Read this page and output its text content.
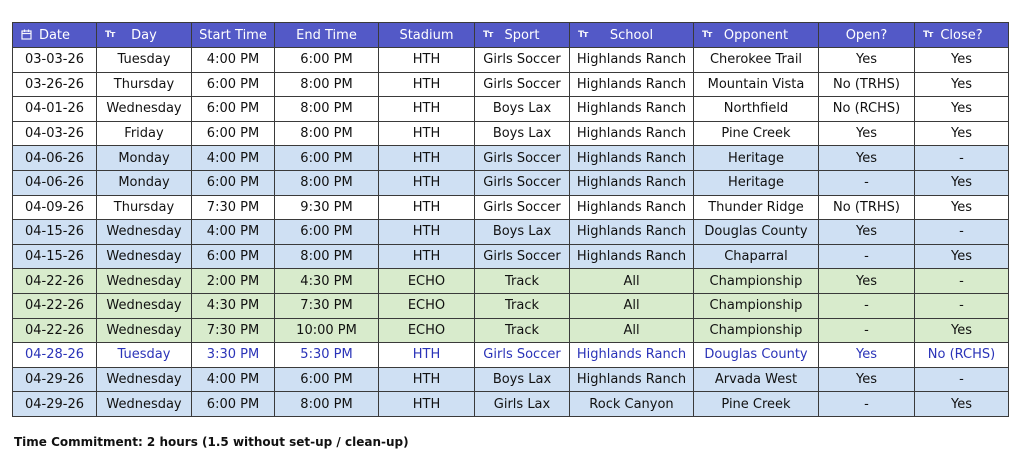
Date	Tт Day	Start Time	End Time	Stadium	Tт Sport	Tт School	Tт Opponent	Open?	Tт Close?
03-03-26	Tuesday	4:00 PM	6:00 PM	HTH	Girls Soccer	Highlands Ranch	Cherokee Trail	Yes	Yes
03-26-26	Thursday	6:00 PM	8:00 PM	HTH	Girls Soccer	Highlands Ranch	Mountain Vista	No (TRHS)	Yes
04-01-26	Wednesday	6:00 PM	8:00 PM	HTH	Boys Lax	Highlands Ranch	Northfield	No (RCHS)	Yes
04-03-26	Friday	6:00 PM	8:00 PM	HTH	Boys Lax	Highlands Ranch	Pine Creek	Yes	Yes
04-06-26	Monday	4:00 PM	6:00 PM	HTH	Girls Soccer	Highlands Ranch	Heritage	Yes	-
04-06-26	Monday	6:00 PM	8:00 PM	HTH	Girls Soccer	Highlands Ranch	Heritage	-	Yes
04-09-26	Thursday	7:30 PM	9:30 PM	HTH	Girls Soccer	Highlands Ranch	Thunder Ridge	No (TRHS)	Yes
04-15-26	Wednesday	4:00 PM	6:00 PM	HTH	Boys Lax	Highlands Ranch	Douglas County	Yes	-
04-15-26	Wednesday	6:00 PM	8:00 PM	HTH	Girls Soccer	Highlands Ranch	Chaparral	-	Yes
04-22-26	Wednesday	2:00 PM	4:30 PM	ECHO	Track	All	Championship	Yes	-
04-22-26	Wednesday	4:30 PM	7:30 PM	ECHO	Track	All	Championship	-	-
04-22-26	Wednesday	7:30 PM	10:00 PM	ECHO	Track	All	Championship	-	Yes
04-28-26	Tuesday	3:30 PM	5:30 PM	HTH	Girls Soccer	Highlands Ranch	Douglas County	Yes	No (RCHS)
04-29-26	Wednesday	4:00 PM	6:00 PM	HTH	Boys Lax	Highlands Ranch	Arvada West	Yes	-
04-29-26	Wednesday	6:00 PM	8:00 PM	HTH	Girls Lax	Rock Canyon	Pine Creek	-	Yes
Time Commitment: 2 hours (1.5 without set-up / clean-up)
